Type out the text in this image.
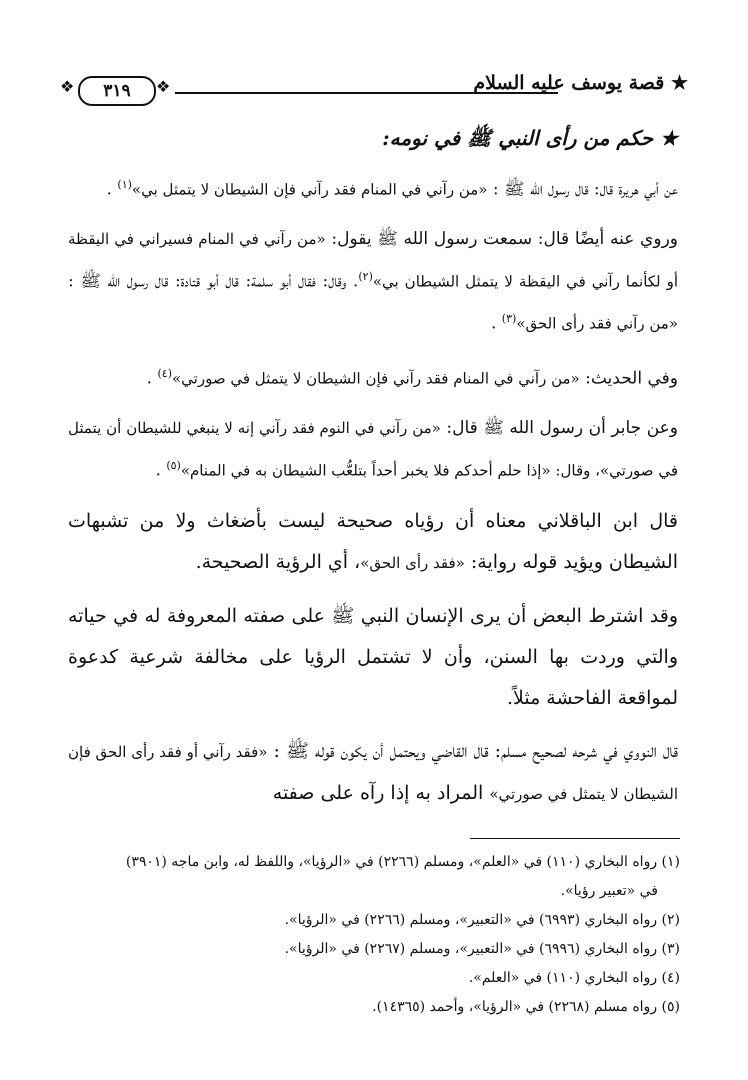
★ قصة يوسف عليه السلام
❖
٣١٩
❖
★ حكم من رأى النبي ﷺ في نومه:

عن أبي هريرة قال: قال رسول الله ﷺ : «من رآني في المنام فقد رآني فإن الشيطان لا يتمثل بي»$^{(١)}$ .

وروي عنه أيضًا قال: سمعت رسول الله ﷺ يقول: «من رآني في المنام فسيراني في اليقظة أو لكأنما رآني في اليقظة لا يتمثل الشيطان بي»$^{(٢)}$. وقال: فقال أبو سلمة: قال أبو قتادة: قال رسول الله ﷺ : «من رآني فقد رأى الحق»$^{(٣)}$ .

وفي الحديث: «من رآني في المنام فقد رآني فإن الشيطان لا يتمثل في صورتي»$^{(٤)}$ .

وعن جابر أن رسول الله ﷺ قال: «من رآني في النوم فقد رآني إنه لا ينبغي للشيطان أن يتمثل في صورتي»، وقال: «إذا حلم أحدكم فلا يخبر أحداً بتلعُّب الشيطان به في المنام»$^{(٥)}$ .

قال ابن الباقلاني معناه أن رؤياه صحيحة ليست بأضغاث ولا من تشبهات الشيطان ويؤيد قوله رواية: «فقد رأى الحق»، أي الرؤية الصحيحة.

وقد اشترط البعض أن يرى الإنسان النبي ﷺ على صفته المعروفة له في حياته والتي وردت بها السنن، وأن لا تشتمل الرؤيا على مخالفة شرعية كدعوة لمواقعة الفاحشة مثلاً.

قال النووي في شرحه لصحيح مسلم: قال القاضي ويحتمل أن يكون قوله ﷺ : «فقد رآني أو فقد رأى الحق فإن الشيطان لا يتمثل في صورتي» المراد به إذا رآه على صفته

(١) رواه البخاري (١١٠) في «العلم»، ومسلم (٢٢٦٦) في «الرؤيا»، واللفظ له، وابن ماجه (٣٩٠١)
في «تعبير رؤيا».

(٢) رواه البخاري (٦٩٩٣) في «التعبير»، ومسلم (٢٢٦٦) في «الرؤيا».

(٣) رواه البخاري (٦٩٩٦) في «التعبير»، ومسلم (٢٢٦٧) في «الرؤيا».

(٤) رواه البخاري (١١٠) في «العلم».

(٥) رواه مسلم (٢٢٦٨) في «الرؤيا»، وأحمد (١٤٣٦٥).
